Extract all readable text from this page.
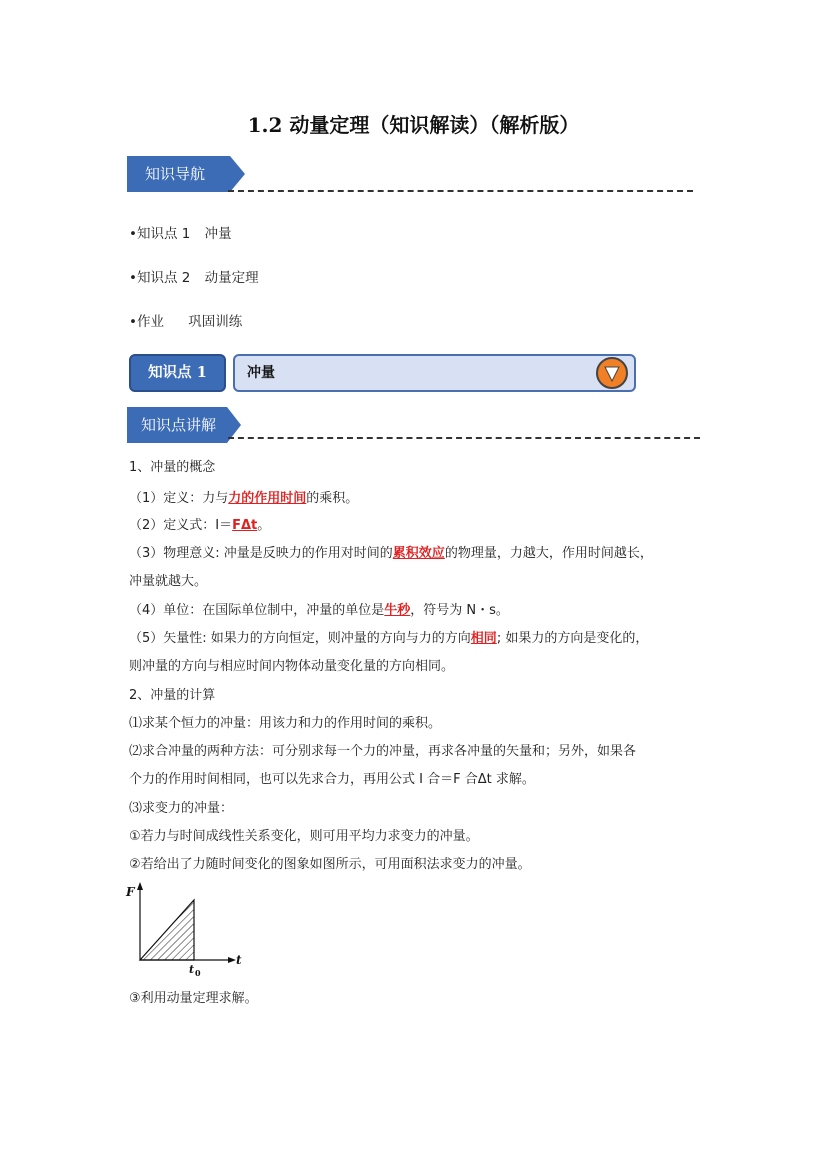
1.2 动量定理（知识解读）（解析版）
知识导航
•知识点 1 冲量
•知识点 2 动量定理
•作业 巩固训练
知识点 1	冲量
知识点讲解
1、冲量的概念
（1）定义：力与力的作用时间的乘积。
（2）定义式：I＝FΔt。
（3）物理意义: 冲量是反映力的作用对时间的累积效应的物理量，力越大，作用时间越长，
冲量就越大。
（4）单位：在国际单位制中，冲量的单位是牛秒，符号为 N・s。
（5）矢量性: 如果力的方向恒定，则冲量的方向与力的方向相同; 如果力的方向是变化的，
则冲量的方向与相应时间内物体动量变化量的方向相同。
2、冲量的计算
⑴求某个恒力的冲量：用该力和力的作用时间的乘积。
⑵求合冲量的两种方法：可分别求每一个力的冲量，再求各冲量的矢量和；另外，如果各
个力的作用时间相同，也可以先求合力，再用公式 I 合＝F 合Δt 求解。
⑶求变力的冲量：
①若力与时间成线性关系变化，则可用平均力求变力的冲量。
②若给出了力随时间变化的图象如图所示，可用面积法求变力的冲量。
F
t
t 0
③利用动量定理求解。
